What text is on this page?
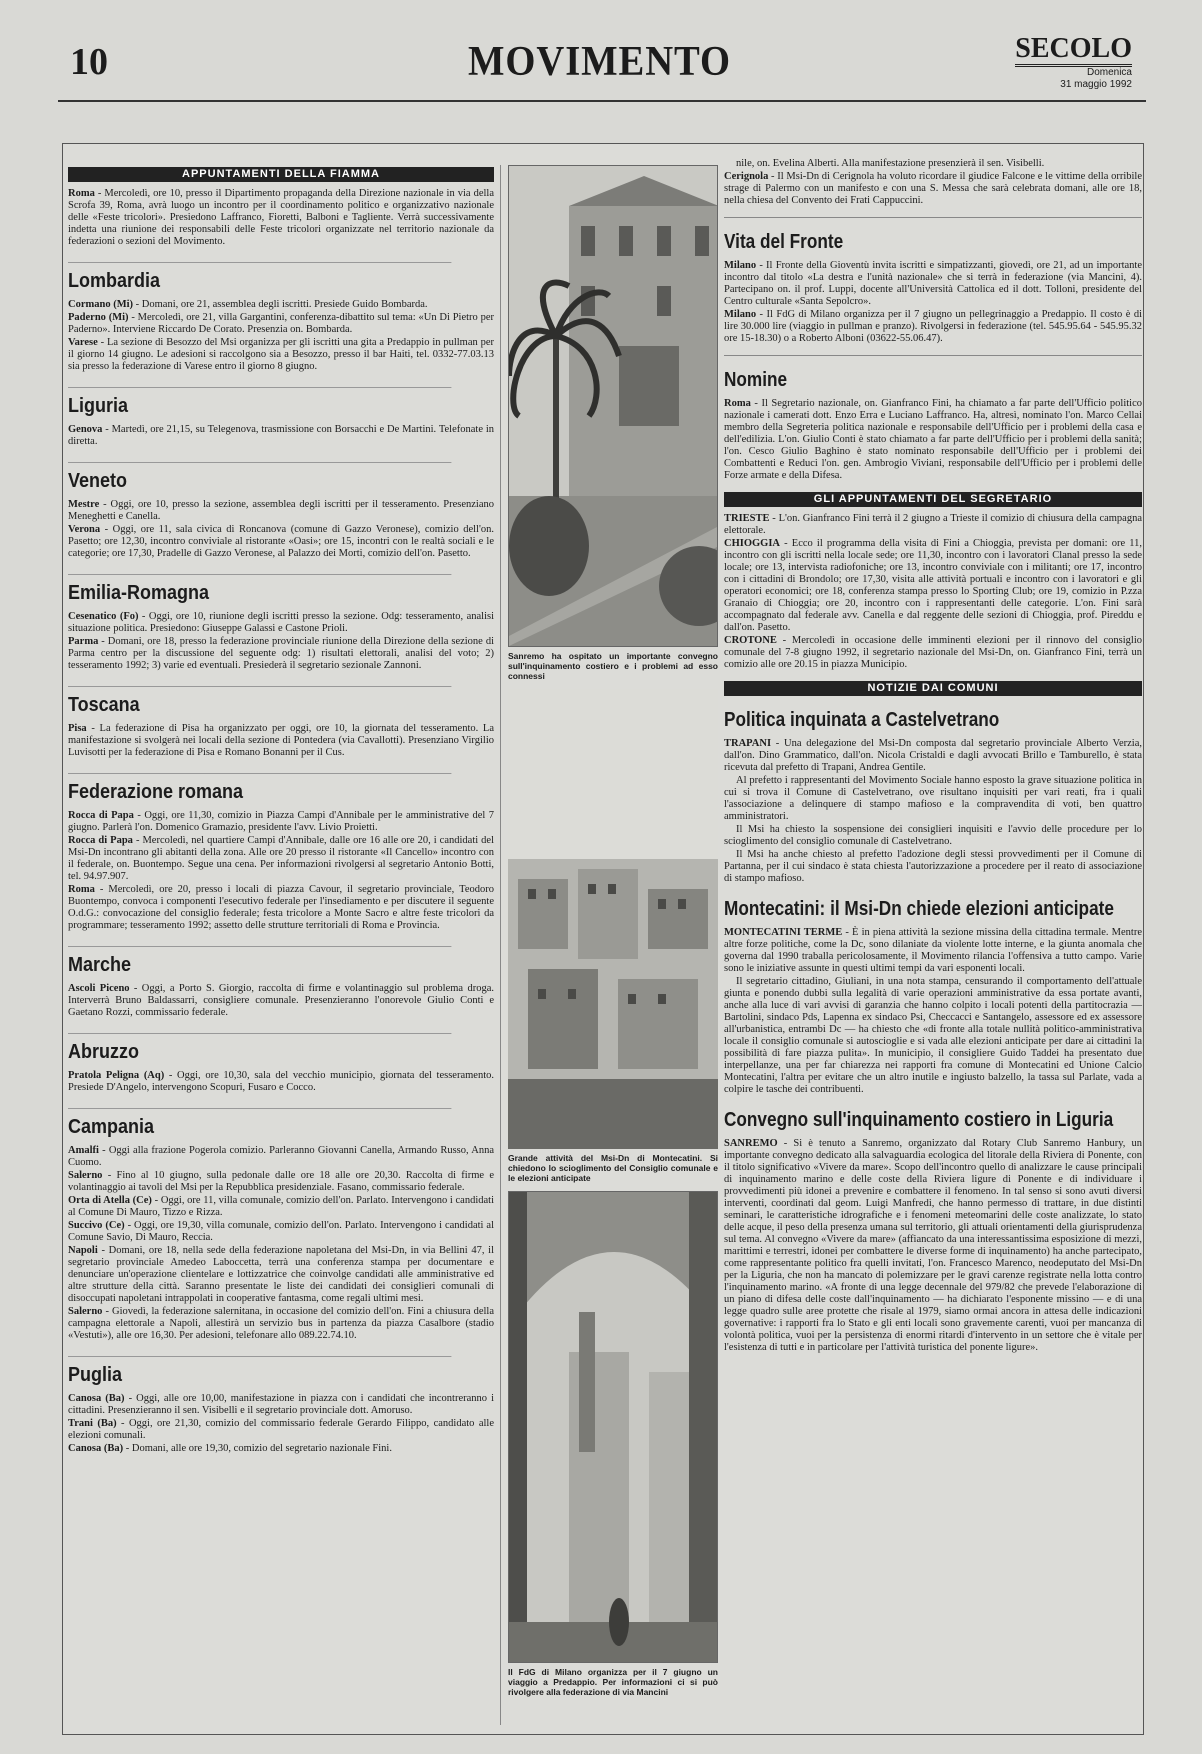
10	MOVIMENTO	SECOLO
Domenica
31 maggio 1992
APPUNTAMENTI DELLA FIAMMA
Roma - Mercoledì, ore 10, presso il Dipartimento propaganda della Direzione nazionale in via della Scrofa 39, Roma, avrà luogo un incontro per il coordinamento politico e organizzativo nazionale delle «Feste tricolori». Presiedono Laffranco, Fioretti, Balboni e Tagliente. Verrà successivamente indetta una riunione dei responsabili delle Feste tricolori organizzate nel territorio nazionale da federazioni o sezioni del Movimento.
Lombardia
Cormano (Mi) - Domani, ore 21, assemblea degli iscritti. Presiede Guido Bombarda.
Paderno (Mi) - Mercoledì, ore 21, villa Gargantini, conferenza-dibattito sul tema: «Un Di Pietro per Paderno». Interviene Riccardo De Corato. Presenzia on. Bombarda.
Varese - La sezione di Besozzo del Msi organizza per gli iscritti una gita a Predappio in pullman per il giorno 14 giugno. Le adesioni si raccolgono sia a Besozzo, presso il bar Haiti, tel. 0332-77.03.13 sia presso la federazione di Varese entro il giorno 8 giugno.
Liguria
Genova - Martedì, ore 21,15, su Telegenova, trasmissione con Borsacchi e De Martini. Telefonate in diretta.
Veneto
Mestre - Oggi, ore 10, presso la sezione, assemblea degli iscritti per il tesseramento. Presenziano Meneghetti e Canella.
Verona - Oggi, ore 11, sala civica di Roncanova (comune di Gazzo Veronese), comizio dell'on. Pasetto; ore 12,30, incontro conviviale al ristorante «Oasi»; ore 15, incontri con le realtà sociali e le categorie; ore 17,30, Pradelle di Gazzo Veronese, al Palazzo dei Morti, comizio dell'on. Pasetto.
Emilia-Romagna
Cesenatico (Fo) - Oggi, ore 10, riunione degli iscritti presso la sezione. Odg: tesseramento, analisi situazione politica. Presiedono: Giuseppe Galassi e Castone Prioli.
Parma - Domani, ore 18, presso la federazione provinciale riunione della Direzione della sezione di Parma centro per la discussione del seguente odg: 1) risultati elettorali, analisi del voto; 2) tesseramento 1992; 3) varie ed eventuali. Presiederà il segretario sezionale Zannoni.
Toscana
Pisa - La federazione di Pisa ha organizzato per oggi, ore 10, la giornata del tesseramento. La manifestazione si svolgerà nei locali della sezione di Pontedera (via Cavallotti). Presenziano Virgilio Luvisotti per la federazione di Pisa e Romano Bonanni per il Cus.
Federazione romana
Rocca di Papa - Oggi, ore 11,30, comizio in Piazza Campi d'Annibale per le amministrative del 7 giugno. Parlerà l'on. Domenico Gramazio, presidente l'avv. Livio Proietti.
Rocca di Papa - Mercoledì, nel quartiere Campi d'Annibale, dalle ore 16 alle ore 20, i candidati del Msi-Dn incontrano gli abitanti della zona. Alle ore 20 presso il ristorante «Il Cancello» incontro con il federale, on. Buontempo. Segue una cena. Per informazioni rivolgersi al segretario Antonio Botti, tel. 94.97.907.
Roma - Mercoledì, ore 20, presso i locali di piazza Cavour, il segretario provinciale, Teodoro Buontempo, convoca i componenti l'esecutivo federale per l'insediamento e per discutere il seguente O.d.G.: convocazione del consiglio federale; festa tricolore a Monte Sacro e altre feste tricolori da programmare; tesseramento 1992; assetto delle strutture territoriali di Roma e Provincia.
Marche
Ascoli Piceno - Oggi, a Porto S. Giorgio, raccolta di firme e volantinaggio sul problema droga. Interverrà Bruno Baldassarri, consigliere comunale. Presenzieranno l'onorevole Giulio Conti e Gaetano Rozzi, commissario federale.
Abruzzo
Pratola Peligna (Aq) - Oggi, ore 10,30, sala del vecchio municipio, giornata del tesseramento. Presiede D'Angelo, intervengono Scopuri, Fusaro e Cocco.
Campania
Amalfi - Oggi alla frazione Pogerola comizio. Parleranno Giovanni Canella, Armando Russo, Anna Cuomo.
Salerno - Fino al 10 giugno, sulla pedonale dalle ore 18 alle ore 20,30. Raccolta di firme e volantinaggio ai tavoli del Msi per la Repubblica presidenziale. Fasano, commissario federale.
Orta di Atella (Ce) - Oggi, ore 11, villa comunale, comizio dell'on. Parlato. Intervengono i candidati al Comune Di Mauro, Tizzo e Rizza.
Succivo (Ce) - Oggi, ore 19,30, villa comunale, comizio dell'on. Parlato. Intervengono i candidati al Comune Savio, Di Mauro, Reccia.
Napoli - Domani, ore 18, nella sede della federazione napoletana del Msi-Dn, in via Bellini 47, il segretario provinciale Amedeo Laboccetta, terrà una conferenza stampa per documentare e denunciare un'operazione clientelare e lottizzatrice che coinvolge candidati alle amministrative ed altre strutture della città. Saranno presentate le liste dei candidati dei consiglieri comunali di disoccupati napoletani intrappolati in cooperative fantasma, come regali ultimi mesi.
Salerno - Giovedì, la federazione salernitana, in occasione del comizio dell'on. Fini a chiusura della campagna elettorale a Napoli, allestirà un servizio bus in partenza da piazza Casalbore (stadio «Vestuti»), alle ore 16,30. Per adesioni, telefonare allo 089.22.74.10.
Puglia
Canosa (Ba) - Oggi, alle ore 10,00, manifestazione in piazza con i candidati che incontreranno i cittadini. Presenzieranno il sen. Visibelli e il segretario provinciale dott. Amoruso.
Trani (Ba) - Oggi, ore 21,30, comizio del commissario federale Gerardo Filippo, candidato alle elezioni comunali.
Canosa (Ba) - Domani, alle ore 19,30, comizio del segretario nazionale Fini.
Sanremo ha ospitato un importante convegno sull'inquinamento costiero e i problemi ad esso connessi
Grande attività del Msi-Dn di Montecatini. Si chiedono lo scioglimento del Consiglio comunale e le elezioni anticipate
Il FdG di Milano organizza per il 7 giugno un viaggio a Predappio. Per informazioni ci si può rivolgere alla federazione di via Mancini
nile, on. Evelina Alberti. Alla manifestazione presenzierà il sen. Visibelli.
Cerignola - Il Msi-Dn di Cerignola ha voluto ricordare il giudice Falcone e le vittime della orribile strage di Palermo con un manifesto e con una S. Messa che sarà celebrata domani, alle ore 18, nella chiesa del Convento dei Frati Cappuccini.
Vita del Fronte
Milano - Il Fronte della Gioventù invita iscritti e simpatizzanti, giovedì, ore 21, ad un importante incontro dal titolo «La destra e l'unità nazionale» che si terrà in federazione (via Mancini, 4). Partecipano on. il prof. Luppi, docente all'Università Cattolica ed il dott. Tolloni, presidente del Centro culturale «Santa Sepolcro».
Milano - Il FdG di Milano organizza per il 7 giugno un pellegrinaggio a Predappio. Il costo è di lire 30.000 lire (viaggio in pullman e pranzo). Rivolgersi in federazione (tel. 545.95.64 - 545.95.32 ore 15-18.30) o a Roberto Alboni (03622-55.06.47).
Nomine
Roma - Il Segretario nazionale, on. Gianfranco Fini, ha chiamato a far parte dell'Ufficio politico nazionale i camerati dott. Enzo Erra e Luciano Laffranco. Ha, altresì, nominato l'on. Marco Cellai membro della Segreteria politica nazionale e responsabile dell'Ufficio per i problemi della casa e dell'edilizia. L'on. Giulio Conti è stato chiamato a far parte dell'Ufficio per i problemi della sanità; l'on. Cesco Giulio Baghino è stato nominato responsabile dell'Ufficio per i problemi dei Combattenti e Reduci l'on. gen. Ambrogio Viviani, responsabile dell'Ufficio per i problemi delle Forze armate e della Difesa.
GLI APPUNTAMENTI DEL SEGRETARIO
TRIESTE - L'on. Gianfranco Fini terrà il 2 giugno a Trieste il comizio di chiusura della campagna elettorale.
CHIOGGIA - Ecco il programma della visita di Fini a Chioggia, prevista per domani: ore 11, incontro con gli iscritti nella locale sede; ore 11,30, incontro con i lavoratori Clanal presso la sede locale; ore 13, intervista radiofoniche; ore 13, incontro conviviale con i militanti; ore 17, incontro con i cittadini di Brondolo; ore 17,30, visita alle attività portuali e incontro con i lavoratori e gli operatori economici; ore 18, conferenza stampa presso lo Sporting Club; ore 19, comizio in P.zza Granaio di Chioggia; ore 20, incontro con i rappresentanti delle categorie. L'on. Fini sarà accompagnato dal federale avv. Canella e dal reggente delle sezioni di Chioggia, prof. Pireddu e dall'on. Pasetto.
CROTONE - Mercoledì in occasione delle imminenti elezioni per il rinnovo del consiglio comunale del 7-8 giugno 1992, il segretario nazionale del Msi-Dn, on. Gianfranco Fini, terrà un comizio alle ore 20.15 in piazza Municipio.
NOTIZIE DAI COMUNI
Politica inquinata a Castelvetrano
TRAPANI - Una delegazione del Msi-Dn composta dal segretario provinciale Alberto Verzia, dall'on. Dino Grammatico, dall'on. Nicola Cristaldi e dagli avvocati Brillo e Tamburello, è stata ricevuta dal prefetto di Trapani, Andrea Gentile.
Al prefetto i rappresentanti del Movimento Sociale hanno esposto la grave situazione politica in cui si trova il Comune di Castelvetrano, ove risultano inquisiti per vari reati, fra i quali l'associazione a delinquere di stampo mafioso e la compravendita di voti, ben quattro amministratori.
Il Msi ha chiesto la sospensione dei consiglieri inquisiti e l'avvio delle procedure per lo scioglimento del consiglio comunale di Castelvetrano.
Il Msi ha anche chiesto al prefetto l'adozione degli stessi provvedimenti per il Comune di Partanna, per il cui sindaco è stata chiesta l'autorizzazione a procedere per il reato di associazione di stampo mafioso.
Montecatini: il Msi-Dn chiede elezioni anticipate
MONTECATINI TERME - È in piena attività la sezione missina della cittadina termale. Mentre altre forze politiche, come la Dc, sono dilaniate da violente lotte interne, e la giunta anomala che governa dal 1990 traballa pericolosamente, il Movimento rilancia l'offensiva a tutto campo. Varie sono le iniziative assunte in questi ultimi tempi da vari esponenti locali.
Il segretario cittadino, Giuliani, in una nota stampa, censurando il comportamento dell'attuale giunta e ponendo dubbi sulla legalità di varie operazioni amministrative da essa portate avanti, anche alla luce di vari avvisi di garanzia che hanno colpito i locali potenti della partitocrazia — Bartolini, sindaco Pds, Lapenna ex sindaco Psi, Checcacci e Santangelo, assessore ed ex assessore all'urbanistica, entrambi Dc — ha chiesto che «di fronte alla totale nullità politico-amministrativa locale il consiglio comunale si autoscioglie e si vada alle elezioni anticipate per dare ai cittadini la possibilità di fare piazza pulita». In municipio, il consigliere Guido Taddei ha presentato due interpellanze, una per far chiarezza nei rapporti fra comune di Montecatini ed Unione Calcio Montecatini, l'altra per evitare che un altro inutile e ingiusto balzello, la tassa sul Parlate, vada a colpire le tasche dei contribuenti.
Convegno sull'inquinamento costiero in Liguria
SANREMO - Si è tenuto a Sanremo, organizzato dal Rotary Club Sanremo Hanbury, un importante convegno dedicato alla salvaguardia ecologica del litorale della Riviera di Ponente, con il titolo significativo «Vivere da mare». Scopo dell'incontro quello di analizzare le cause principali di inquinamento marino e delle coste della Riviera ligure di Ponente e di individuare i provvedimenti più idonei a prevenire e combattere il fenomeno. In tal senso si sono avuti diversi interventi, coordinati dal geom. Luigi Manfredi, che hanno permesso di trattare, in due distinti seminari, le caratteristiche idrografiche e i fenomeni meteomarini delle coste analizzate, lo stato delle acque, il peso della presenza umana sul territorio, gli attuali orientamenti della giurisprudenza sul tema. Al convegno «Vivere da mare» (affiancato da una interessantissima esposizione di mezzi, marittimi e terrestri, idonei per combattere le diverse forme di inquinamento) ha anche partecipato, come rappresentante politico fra quelli invitati, l'on. Francesco Marenco, neodeputato del Msi-Dn per la Liguria, che non ha mancato di polemizzare per le gravi carenze registrate nella lotta contro l'inquinamento marino. «A fronte di una legge decennale del 979/82 che prevede l'elaborazione di un piano di difesa delle coste dall'inquinamento — ha dichiarato l'esponente missino — e di una legge quadro sulle aree protette che risale al 1979, siamo ormai ancora in attesa delle indicazioni governative: i rapporti fra lo Stato e gli enti locali sono gravemente carenti, vuoi per mancanza di volontà politica, vuoi per la persistenza di enormi ritardi d'intervento in un settore che è vitale per l'esistenza di tutti e in particolare per l'attività turistica del ponente ligure».
